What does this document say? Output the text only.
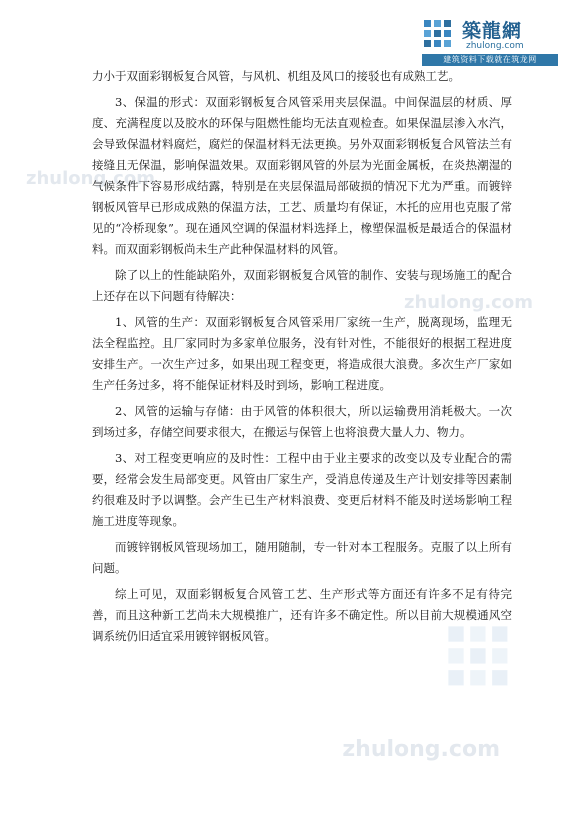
築龍網
zhulong.com
建筑资料下载就在筑龙网
zhulong.com
zhulong.com
zhulong.com

力小于双面彩钢板复合风管，与风机、机组及风口的接驳也有成熟工艺。

3、保温的形式：双面彩钢板复合风管采用夹层保温。中间保温层的材质、厚度、充满程度以及胶水的环保与阻燃性能均无法直观检查。如果保温层渗入水汽，会导致保温材料腐烂，腐烂的保温材料无法更换。另外双面彩钢板复合风管法兰有接缝且无保温，影响保温效果。双面彩钢风管的外层为光面金属板，在炎热潮湿的气候条件下容易形成结露，特别是在夹层保温局部破损的情况下尤为严重。而镀锌钢板风管早已形成成熟的保温方法，工艺、质量均有保证，木托的应用也克服了常见的“冷桥现象”。现在通风空调的保温材料选择上，橡塑保温板是最适合的保温材料。而双面彩钢板尚未生产此种保温材料的风管。

除了以上的性能缺陷外，双面彩钢板复合风管的制作、安装与现场施工的配合上还存在以下问题有待解决：

1、风管的生产：双面彩钢板复合风管采用厂家统一生产，脱离现场，监理无法全程监控。且厂家同时为多家单位服务，没有针对性，不能很好的根据工程进度安排生产。一次生产过多，如果出现工程变更，将造成很大浪费。多次生产厂家如生产任务过多，将不能保证材料及时到场，影响工程进度。

2、风管的运输与存储：由于风管的体积很大，所以运输费用消耗极大。一次到场过多，存储空间要求很大，在搬运与保管上也将浪费大量人力、物力。

3、对工程变更响应的及时性：工程中由于业主要求的改变以及专业配合的需要，经常会发生局部变更。风管由厂家生产，受消息传递及生产计划安排等因素制约很难及时予以调整。会产生已生产材料浪费、变更后材料不能及时送场影响工程施工进度等现象。

而镀锌钢板风管现场加工，随用随制，专一针对本工程服务。克服了以上所有问题。

综上可见，双面彩钢板复合风管工艺、生产形式等方面还有许多不足有待完善，而且这种新工艺尚未大规模推广，还有许多不确定性。所以目前大规模通风空调系统仍旧适宜采用镀锌钢板风管。
